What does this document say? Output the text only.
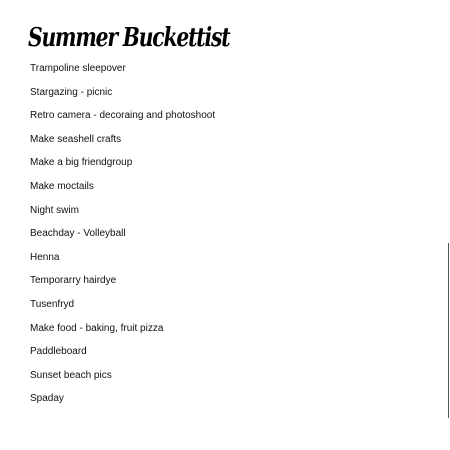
Summer Buckettist
Trampoline sleepover
Stargazing - picnic
Retro camera - decoraing and photoshoot
Make seashell crafts
Make a big friendgroup
Make moctails
Night swim
Beachday - Volleyball
Henna
Temporarry hairdye
Tusenfryd
Make food - baking, fruit pizza
Paddleboard
Sunset beach pics
Spaday
